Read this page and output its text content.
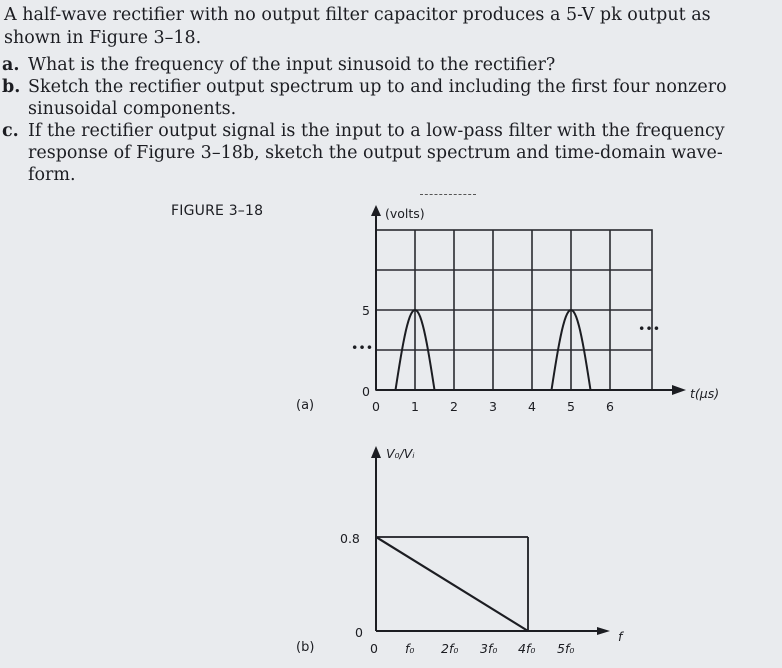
A half-wave rectifier with no output filter capacitor produces a 5-V pk output as shown in Figure 3–18.
a. What is the frequency of the input sinusoid to the rectifier?
b. Sketch the rectifier output spectrum up to and including the first four nonzero sinusoidal components.
c. If the rectifier output signal is the input to a low-pass filter with the frequency response of Figure 3–18b, sketch the output spectrum and time-domain wave-form.
FIGURE 3–18
(a)
(b)
(volts)
t(μs)
0
5
•••
•••
0 1 2 3 4 5 6
V₀/Vᵢ
f
0.8
0
0 f₀ 2f₀ 3f₀ 4f₀ 5f₀
